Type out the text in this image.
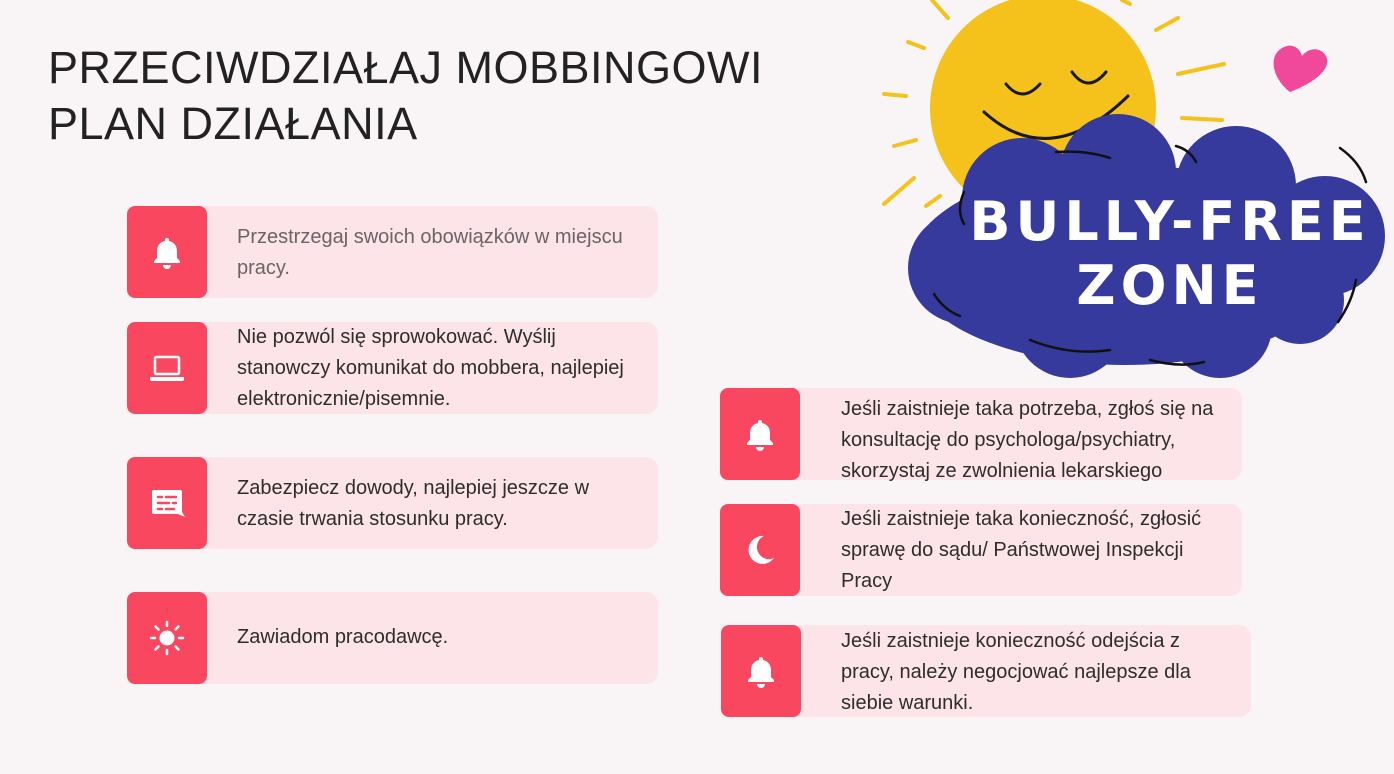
PRZECIWDZIAŁAJ MOBBINGOWI
PLAN DZIAŁANIA
BULLY-FREE
ZONE
Przestrzegaj swoich obowiązków w miejscu pracy.
Nie pozwól się sprowokować. Wyślij stanowczy komunikat do mobbera, najlepiej elektronicznie/pisemnie.
Zabezpiecz dowody, najlepiej jeszcze w czasie trwania stosunku pracy.
Zawiadom pracodawcę.
Jeśli zaistnieje taka potrzeba, zgłoś się na konsultację do psychologa/psychiatry, skorzystaj ze zwolnienia lekarskiego
Jeśli zaistnieje taka konieczność, zgłosić sprawę do sądu/ Państwowej Inspekcji Pracy
Jeśli zaistnieje konieczność odejścia z pracy, należy negocjować najlepsze dla siebie warunki.
